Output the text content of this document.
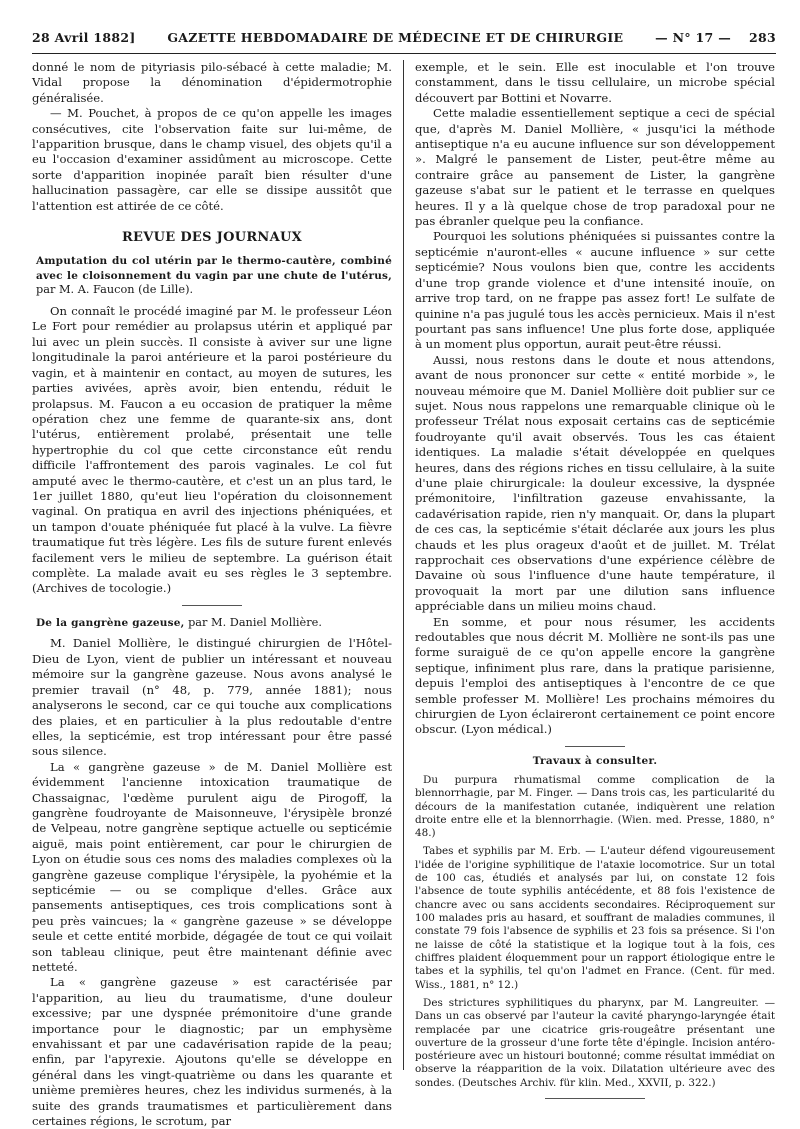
28 Avril 1882]	GAZETTE HEBDOMADAIRE DE MÉDECINE ET DE CHIRURGIE	— N° 17 — 283

donné le nom de pityriasis pilo-sébacé à cette maladie; M. Vidal propose la dénomination d'épidermotrophie généralisée.

— M. Pouchet, à propos de ce qu'on appelle les images consécutives, cite l'observation faite sur lui-même, de l'apparition brusque, dans le champ visuel, des objets qu'il a eu l'occasion d'examiner assidûment au microscope. Cette sorte d'apparition inopinée paraît bien résulter d'une hallucination passagère, car elle se dissipe aussitôt que l'attention est attirée de ce côté.

REVUE DES JOURNAUX
Amputation du col utérin par le thermo-cautère, combiné avec le cloisonnement du vagin par une chute de l'utérus, par M. A. Faucon (de Lille).

On connaît le procédé imaginé par M. le professeur Léon Le Fort pour remédier au prolapsus utérin et appliqué par lui avec un plein succès. Il consiste à aviver sur une ligne longitudinale la paroi antérieure et la paroi postérieure du vagin, et à maintenir en contact, au moyen de sutures, les parties avivées, après avoir, bien entendu, réduit le prolapsus. M. Faucon a eu occasion de pratiquer la même opération chez une femme de quarante-six ans, dont l'utérus, entièrement prolabé, présentait une telle hypertrophie du col que cette circonstance eût rendu difficile l'affrontement des parois vaginales. Le col fut amputé avec le thermo-cautère, et c'est un an plus tard, le 1er juillet 1880, qu'eut lieu l'opération du cloisonnement vaginal. On pratiqua en avril des injections phéniquées, et un tampon d'ouate phéniquée fut placé à la vulve. La fièvre traumatique fut très légère. Les fils de suture furent enlevés facilement vers le milieu de septembre. La guérison était complète. La malade avait eu ses règles le 3 septembre. (Archives de tocologie.)

De la gangrène gazeuse, par M. Daniel Mollière.

M. Daniel Mollière, le distingué chirurgien de l'Hôtel-Dieu de Lyon, vient de publier un intéressant et nouveau mémoire sur la gangrène gazeuse. Nous avons analysé le premier travail (n° 48, p. 779, année 1881); nous analyserons le second, car ce qui touche aux complications des plaies, et en particulier à la plus redoutable d'entre elles, la septicémie, est trop intéressant pour être passé sous silence.

La « gangrène gazeuse » de M. Daniel Mollière est évidemment l'ancienne intoxication traumatique de Chassaignac, l'œdème purulent aigu de Pirogoff, la gangrène foudroyante de Maisonneuve, l'érysipèle bronzé de Velpeau, notre gangrène septique actuelle ou septicémie aiguë, mais point entièrement, car pour le chirurgien de Lyon on étudie sous ces noms des maladies complexes où la gangrène gazeuse complique l'érysipèle, la pyohémie et la septicémie — ou se complique d'elles. Grâce aux pansements antiseptiques, ces trois complications sont à peu près vaincues; la « gangrène gazeuse » se développe seule et cette entité morbide, dégagée de tout ce qui voilait son tableau clinique, peut être maintenant définie avec netteté.

La « gangrène gazeuse » est caractérisée par l'apparition, au lieu du traumatisme, d'une douleur excessive; par une dyspnée prémonitoire d'une grande importance pour le diagnostic; par un emphysème envahissant et par une cadavérisation rapide de la peau; enfin, par l'apyrexie. Ajoutons qu'elle se développe en général dans les vingt-quatrième ou dans les quarante et unième premières heures, chez les individus surmenés, à la suite des grands traumatismes et particulièrement dans certaines régions, le scrotum, par

exemple, et le sein. Elle est inoculable et l'on trouve constamment, dans le tissu cellulaire, un microbe spécial découvert par Bottini et Novarre.

Cette maladie essentiellement septique a ceci de spécial que, d'après M. Daniel Mollière, « jusqu'ici la méthode antiseptique n'a eu aucune influence sur son développement ». Malgré le pansement de Lister, peut-être même au contraire grâce au pansement de Lister, la gangrène gazeuse s'abat sur le patient et le terrasse en quelques heures. Il y a là quelque chose de trop paradoxal pour ne pas ébranler quelque peu la confiance.

Pourquoi les solutions phéniquées si puissantes contre la septicémie n'auront-elles « aucune influence » sur cette septicémie? Nous voulons bien que, contre les accidents d'une trop grande violence et d'une intensité inouïe, on arrive trop tard, on ne frappe pas assez fort! Le sulfate de quinine n'a pas jugulé tous les accès pernicieux. Mais il n'est pourtant pas sans influence! Une plus forte dose, appliquée à un moment plus opportun, aurait peut-être réussi.

Aussi, nous restons dans le doute et nous attendons, avant de nous prononcer sur cette « entité morbide », le nouveau mémoire que M. Daniel Mollière doit publier sur ce sujet. Nous nous rappelons une remarquable clinique où le professeur Trélat nous exposait certains cas de septicémie foudroyante qu'il avait observés. Tous les cas étaient identiques. La maladie s'était développée en quelques heures, dans des régions riches en tissu cellulaire, à la suite d'une plaie chirurgicale: la douleur excessive, la dyspnée prémonitoire, l'infiltration gazeuse envahissante, la cadavérisation rapide, rien n'y manquait. Or, dans la plupart de ces cas, la septicémie s'était déclarée aux jours les plus chauds et les plus orageux d'août et de juillet. M. Trélat rapprochait ces observations d'une expérience célèbre de Davaine où sous l'influence d'une haute température, il provoquait la mort par une dilution sans influence appréciable dans un milieu moins chaud.

En somme, et pour nous résumer, les accidents redoutables que nous décrit M. Mollière ne sont-ils pas une forme suraiguë de ce qu'on appelle encore la gangrène septique, infiniment plus rare, dans la pratique parisienne, depuis l'emploi des antiseptiques à l'encontre de ce que semble professer M. Mollière! Les prochains mémoires du chirurgien de Lyon éclaireront certainement ce point encore obscur. (Lyon médical.)

Travaux à consulter.

Du purpura rhumatismal comme complication de la blennorrhagie, par M. Finger. — Dans trois cas, les particularité du décours de la manifestation cutanée, indiquèrent une relation droite entre elle et la blennorrhagie. (Wien. med. Presse, 1880, n° 48.)

Tabes et syphilis par M. Erb. — L'auteur défend vigoureusement l'idée de l'origine syphilitique de l'ataxie locomotrice. Sur un total de 100 cas, étudiés et analysés par lui, on constate 12 fois l'absence de toute syphilis antécédente, et 88 fois l'existence de chancre avec ou sans accidents secondaires. Réciproquement sur 100 malades pris au hasard, et souffrant de maladies communes, il constate 79 fois l'absence de syphilis et 23 fois sa présence. Si l'on ne laisse de côté la statistique et la logique tout à la fois, ces chiffres plaident éloquemment pour un rapport étiologique entre le tabes et la syphilis, tel qu'on l'admet en France. (Cent. für med. Wiss., 1881, n° 12.)

Des strictures syphilitiques du pharynx, par M. Langreuiter. — Dans un cas observé par l'auteur la cavité pharyngo-laryngée était remplacée par une cicatrice gris-rougeâtre présentant une ouverture de la grosseur d'une forte tête d'épingle. Incision antéro-postérieure avec un histouri boutonné; comme résultat immédiat on observe la réapparition de la voix. Dilatation ultérieure avec des sondes. (Deutsches Archiv. für klin. Med., XXVII, p. 322.)
